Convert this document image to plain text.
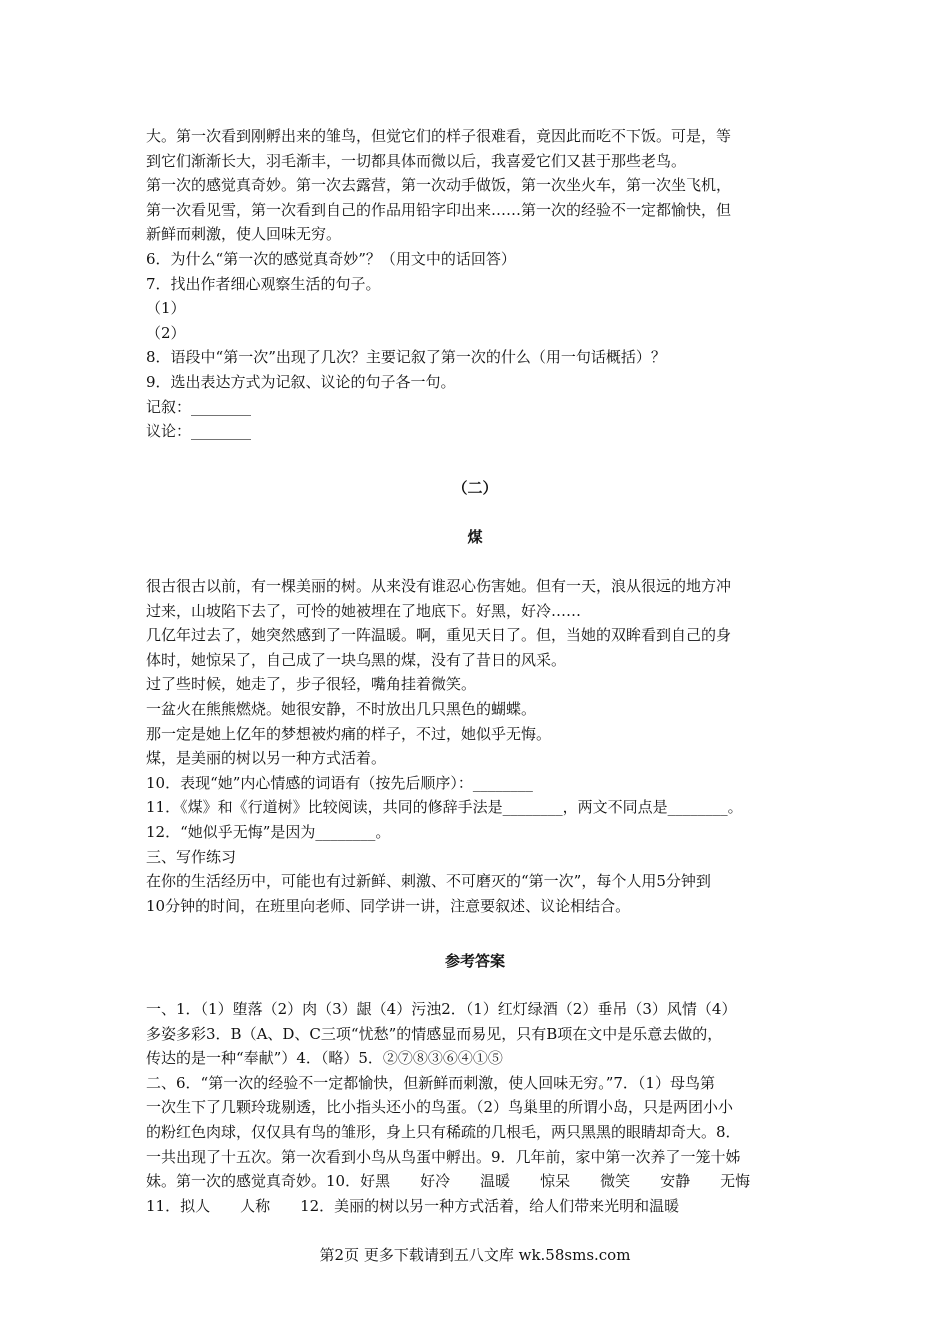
大。第一次看到刚孵出来的雏鸟，但觉它们的样子很难看，竟因此而吃不下饭。可是，等
到它们渐渐长大，羽毛渐丰，一切都具体而微以后，我喜爱它们又甚于那些老鸟。
第一次的感觉真奇妙。第一次去露营，第一次动手做饭，第一次坐火车，第一次坐飞机，
第一次看见雪，第一次看到自己的作品用铅字印出来……第一次的经验不一定都愉快，但
新鲜而刺激，使人回味无穷。
6．为什么“第一次的感觉真奇妙”？（用文中的话回答）
7．找出作者细心观察生活的句子。
（1）
（2）
8．语段中“第一次”出现了几次？主要记叙了第一次的什么（用一句话概括）？
9．选出表达方式为记叙、议论的句子各一句。
记叙：________
议论：________
（二）
煤
很古很古以前，有一棵美丽的树。从来没有谁忍心伤害她。但有一天，浪从很远的地方冲
过来，山坡陷下去了，可怜的她被埋在了地底下。好黑，好冷……
几亿年过去了，她突然感到了一阵温暖。啊，重见天日了。但，当她的双眸看到自己的身
体时，她惊呆了，自己成了一块乌黑的煤，没有了昔日的风采。
过了些时候，她走了，步子很轻，嘴角挂着微笑。
一盆火在熊熊燃烧。她很安静，不时放出几只黑色的蝴蝶。
那一定是她上亿年的梦想被灼痛的样子，不过，她似乎无悔。
煤，是美丽的树以另一种方式活着。
10．表现“她”内心情感的词语有（按先后顺序）：________
11．《煤》和《行道树》比较阅读，共同的修辞手法是________，两文不同点是________。
12．“她似乎无悔”是因为________。
三、写作练习
在你的生活经历中，可能也有过新鲜、刺激、不可磨灭的“第一次”，每个人用5分钟到
10分钟的时间，在班里向老师、同学讲一讲，注意要叙述、议论相结合。
参考答案
一、1．（1）堕落（2）肉（3）龈（4）污浊2．（1）红灯绿酒（2）垂吊（3）风情（4）
多姿多彩3．B（A、D、C三项“忧愁”的情感显而易见，只有B项在文中是乐意去做的，
传达的是一种“奉献”）4．（略）5．②⑦⑧③⑥④①⑤
二、6．“第一次的经验不一定都愉快，但新鲜而刺激，使人回味无穷。”7．（1）母鸟第
一次生下了几颗玲珑剔透，比小指头还小的鸟蛋。（2）鸟巢里的所谓小岛，只是两团小小
的粉红色肉球，仅仅具有鸟的雏形，身上只有稀疏的几根毛，两只黑黑的眼睛却奇大。8．
一共出现了十五次。第一次看到小鸟从鸟蛋中孵出。9．几年前，家中第一次养了一笼十姊
妹。第一次的感觉真奇妙。10．好黑　　好冷　　温暖　　惊呆　　微笑　　安静　　无悔
11．拟人　　人称　　12．美丽的树以另一种方式活着，给人们带来光明和温暖
第2页 更多下载请到五八文库 wk.58sms.com
